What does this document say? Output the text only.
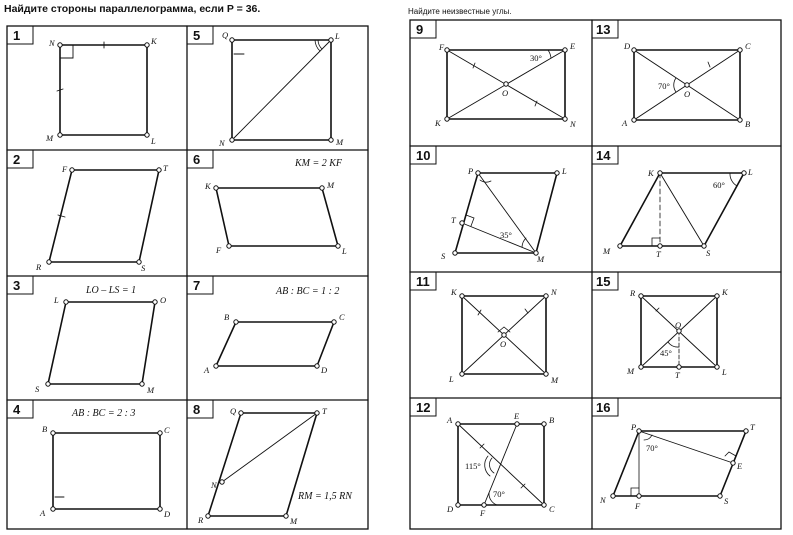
Найдите стороны параллелограмма, если P = 36.	Найдите неизвестные углы.
1	N	K
L
M
5	Q	L
M
N
2
F	T
S
R
6	KM = 2 KF
K	M
L
F
3	LO – LS = 1
L	O
M
S
7	AB : BC = 1 : 2
B	C
D
A
4	AB : BC = 2 : 3
B	C
D
A
8
RM = 1,5 RN
Q	T
M
R
N
9
30°
F	E
N
K
O
13
70°
D	C
B
A
O
10
35°
P	L
M
S
T
14
60°
K	L
S
M	T
11
K	N
M
L
O
15
45°
R	K
L
M
O
T
12
115°
70°
A	E	B
C
F
D
16
70°
P	T
E
S
F
N
